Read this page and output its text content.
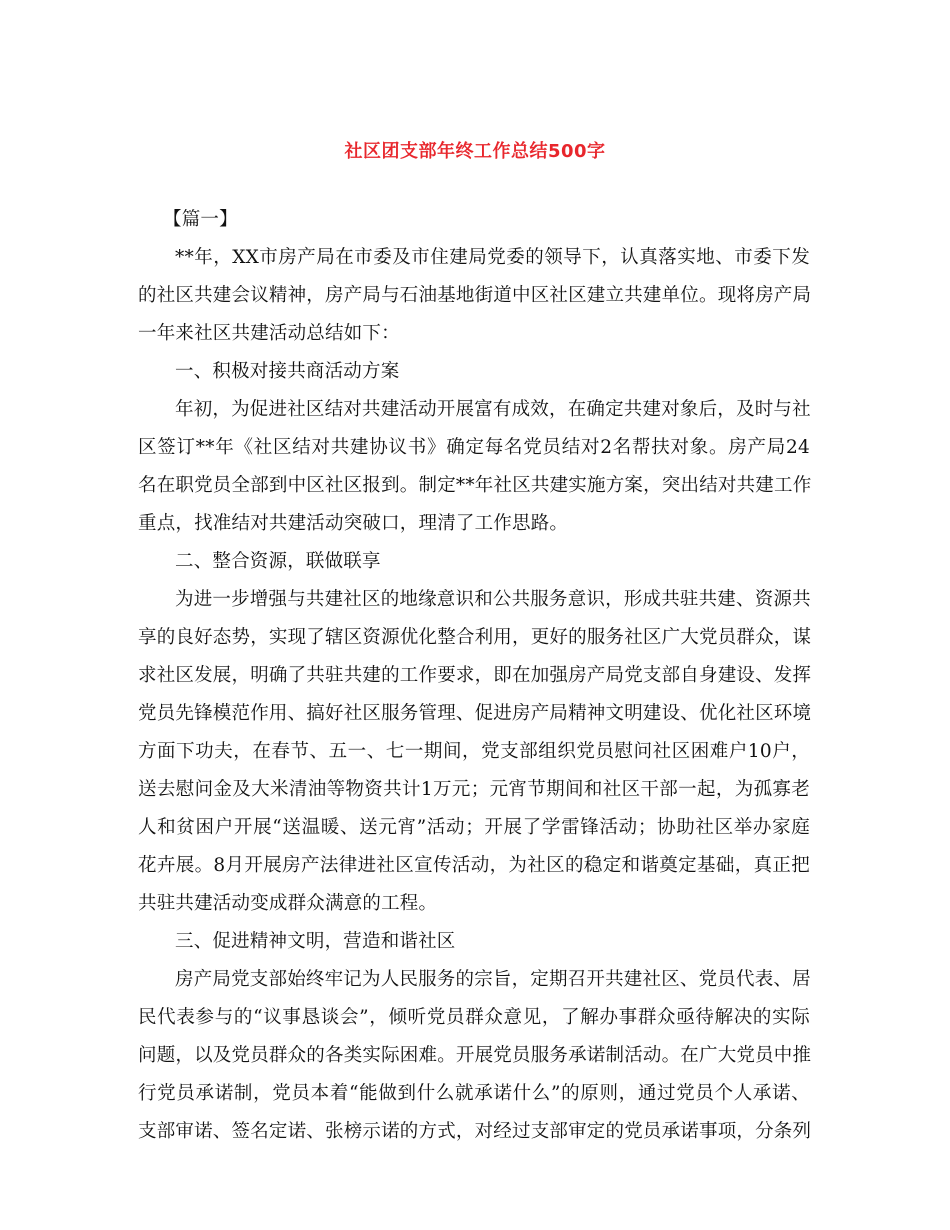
社区团支部年终工作总结500字
【篇一】
**年，XX市房产局在市委及市住建局党委的领导下，认真落实地、市委下发
的社区共建会议精神，房产局与石油基地街道中区社区建立共建单位。现将房产局
一年来社区共建活动总结如下：
一、积极对接共商活动方案
年初，为促进社区结对共建活动开展富有成效，在确定共建对象后，及时与社
区签订**年《社区结对共建协议书》确定每名党员结对2名帮扶对象。房产局24
名在职党员全部到中区社区报到。制定**年社区共建实施方案，突出结对共建工作
重点，找准结对共建活动突破口，理清了工作思路。
二、整合资源，联做联享
为进一步增强与共建社区的地缘意识和公共服务意识，形成共驻共建、资源共
享的良好态势，实现了辖区资源优化整合利用，更好的服务社区广大党员群众，谋
求社区发展，明确了共驻共建的工作要求，即在加强房产局党支部自身建设、发挥
党员先锋模范作用、搞好社区服务管理、促进房产局精神文明建设、优化社区环境
方面下功夫，在春节、五一、七一期间，党支部组织党员慰问社区困难户10户，
送去慰问金及大米清油等物资共计1万元；元宵节期间和社区干部一起，为孤寡老
人和贫困户开展“送温暖、送元宵”活动；开展了学雷锋活动；协助社区举办家庭
花卉展。8月开展房产法律进社区宣传活动，为社区的稳定和谐奠定基础，真正把
共驻共建活动变成群众满意的工程。
三、促进精神文明，营造和谐社区
房产局党支部始终牢记为人民服务的宗旨，定期召开共建社区、党员代表、居
民代表参与的“议事恳谈会”，倾听党员群众意见，了解办事群众亟待解决的实际
问题，以及党员群众的各类实际困难。开展党员服务承诺制活动。在广大党员中推
行党员承诺制，党员本着“能做到什么就承诺什么”的原则，通过党员个人承诺、
支部审诺、签名定诺、张榜示诺的方式，对经过支部审定的党员承诺事项，分条列
